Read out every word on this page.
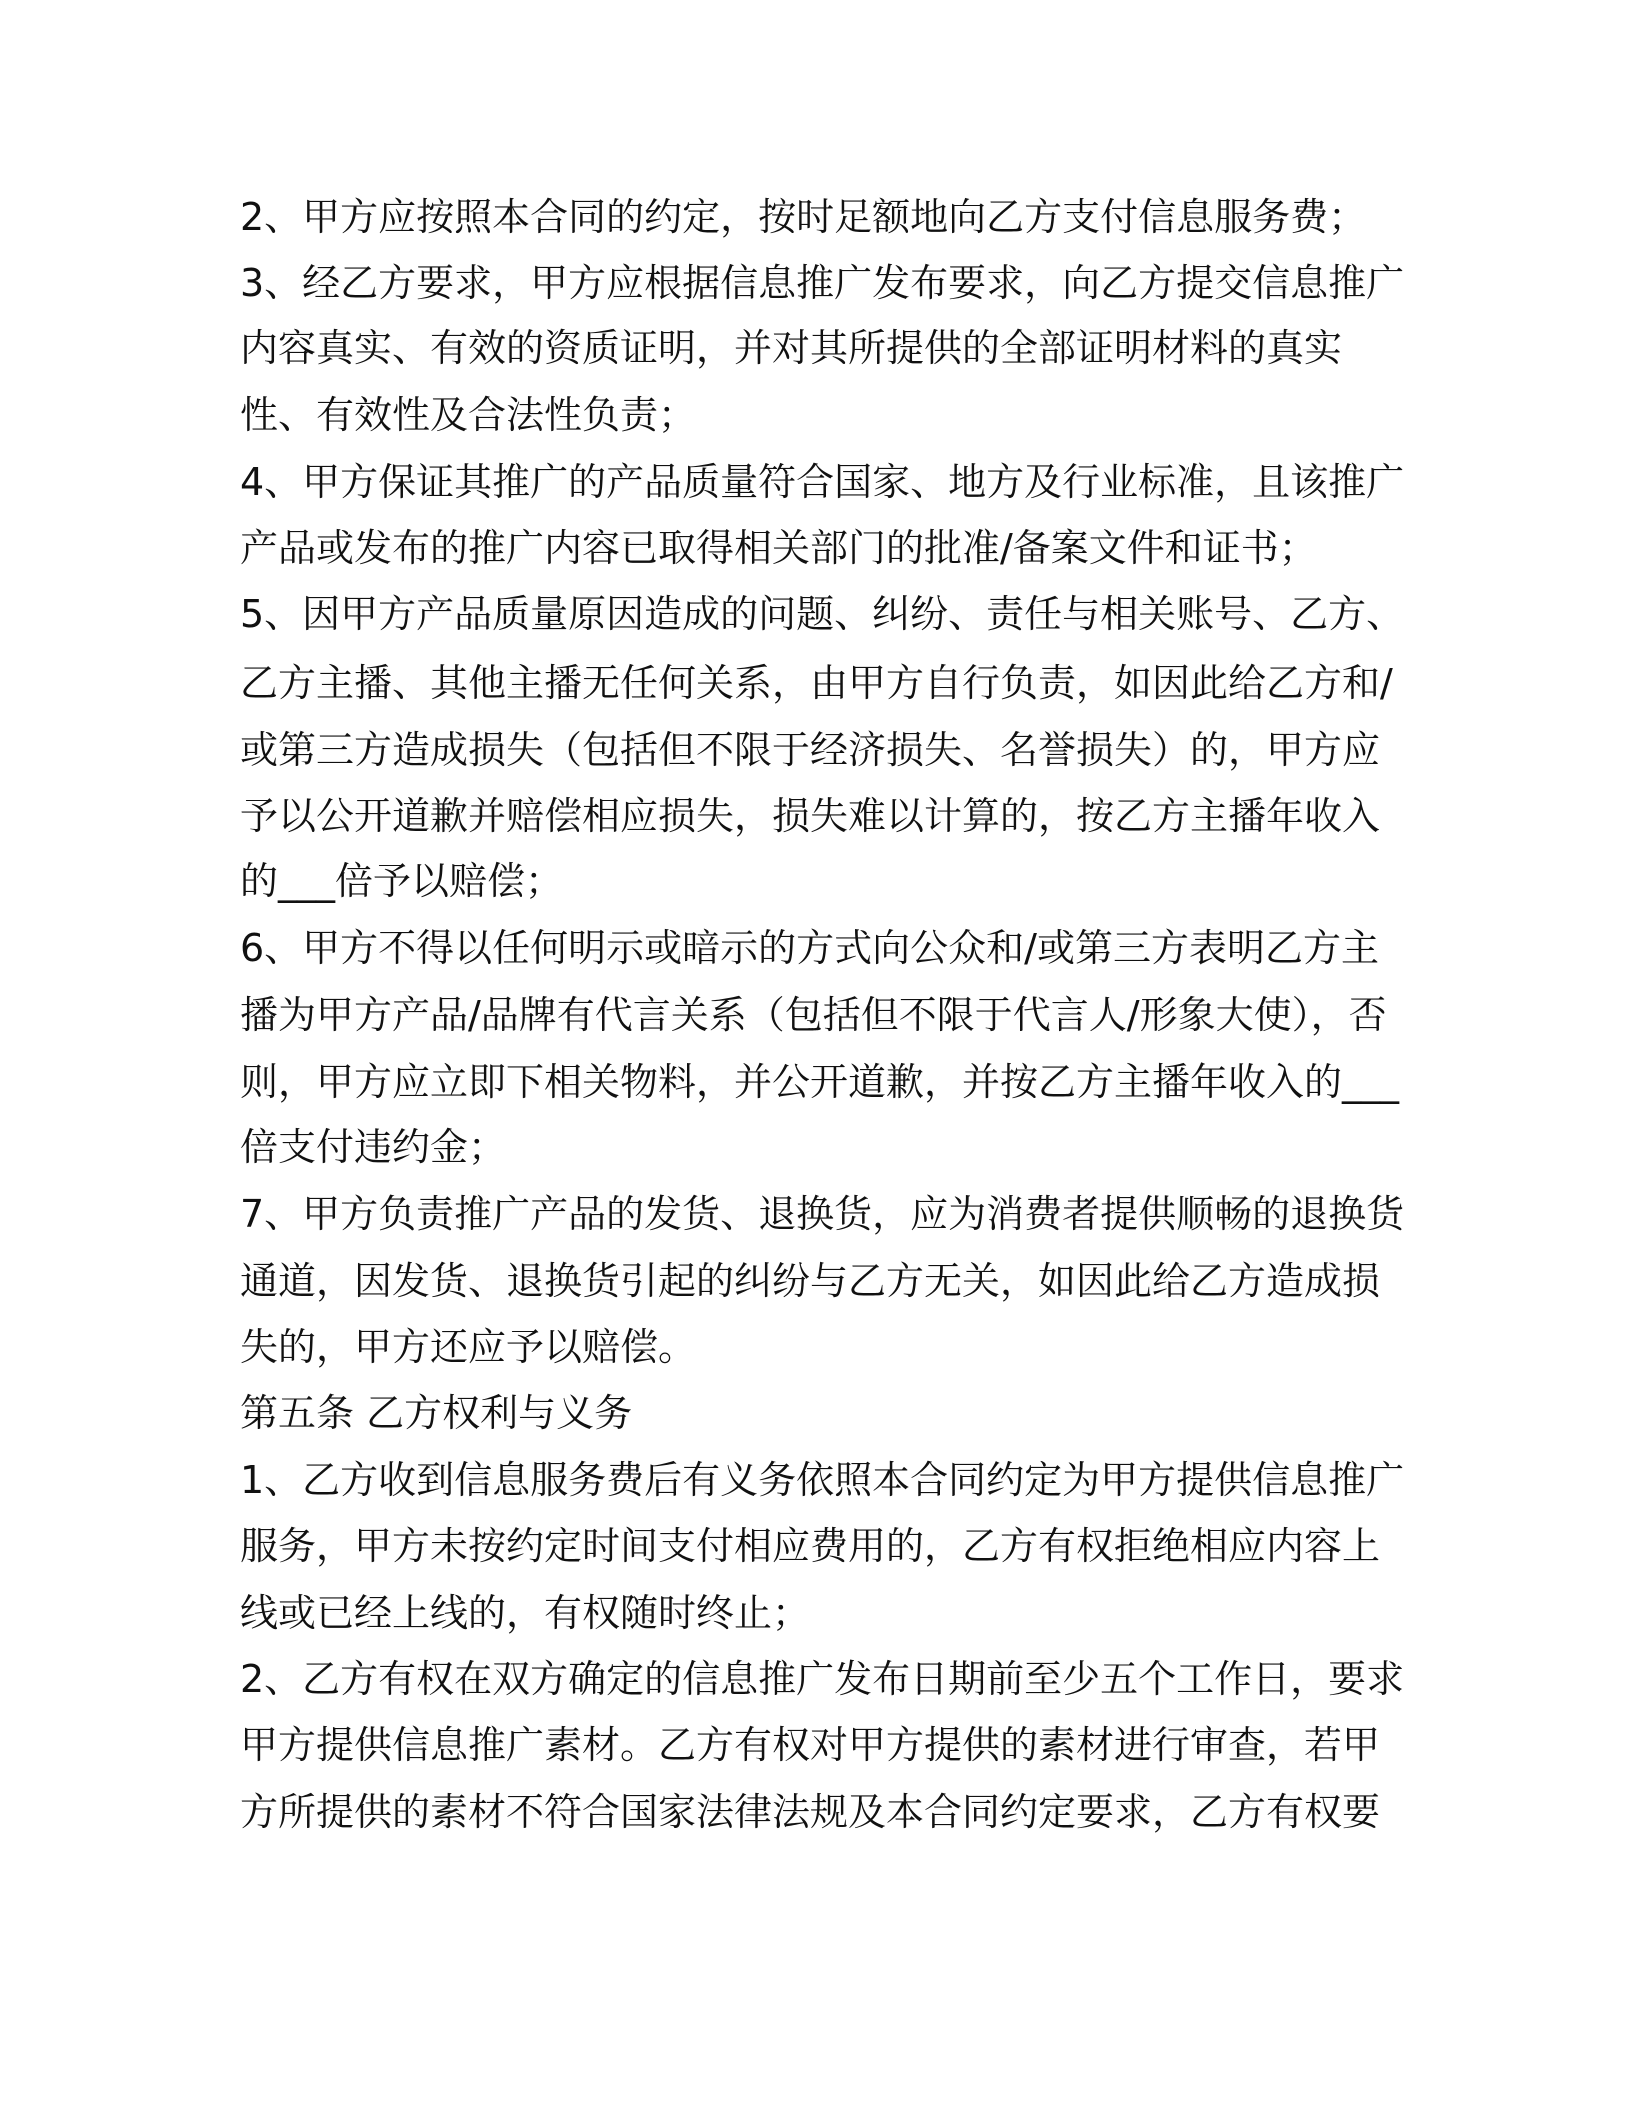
2、甲方应按照本合同的约定，按时足额地向乙方支付信息服务费；

3、经乙方要求，甲方应根据信息推广发布要求，向乙方提交信息推广

内容真实、有效的资质证明，并对其所提供的全部证明材料的真实

性、有效性及合法性负责；

4、甲方保证其推广的产品质量符合国家、地方及行业标准，且该推广

产品或发布的推广内容已取得相关部门的批准/备案文件和证书；

5、因甲方产品质量原因造成的问题、纠纷、责任与相关账号、乙方、

乙方主播、其他主播无任何关系，由甲方自行负责，如因此给乙方和/

或第三方造成损失（包括但不限于经济损失、名誉损失）的，甲方应

予以公开道歉并赔偿相应损失，损失难以计算的，按乙方主播年收入

的___倍予以赔偿；

6、甲方不得以任何明示或暗示的方式向公众和/或第三方表明乙方主

播为甲方产品/品牌有代言关系（包括但不限于代言人/形象大使），否

则，甲方应立即下相关物料，并公开道歉，并按乙方主播年收入的___

倍支付违约金；

7、甲方负责推广产品的发货、退换货，应为消费者提供顺畅的退换货

通道，因发货、退换货引起的纠纷与乙方无关，如因此给乙方造成损

失的，甲方还应予以赔偿。

第五条 乙方权利与义务

1、乙方收到信息服务费后有义务依照本合同约定为甲方提供信息推广

服务，甲方未按约定时间支付相应费用的，乙方有权拒绝相应内容上

线或已经上线的，有权随时终止；

2、乙方有权在双方确定的信息推广发布日期前至少五个工作日，要求

甲方提供信息推广素材。乙方有权对甲方提供的素材进行审查，若甲

方所提供的素材不符合国家法律法规及本合同约定要求，乙方有权要
